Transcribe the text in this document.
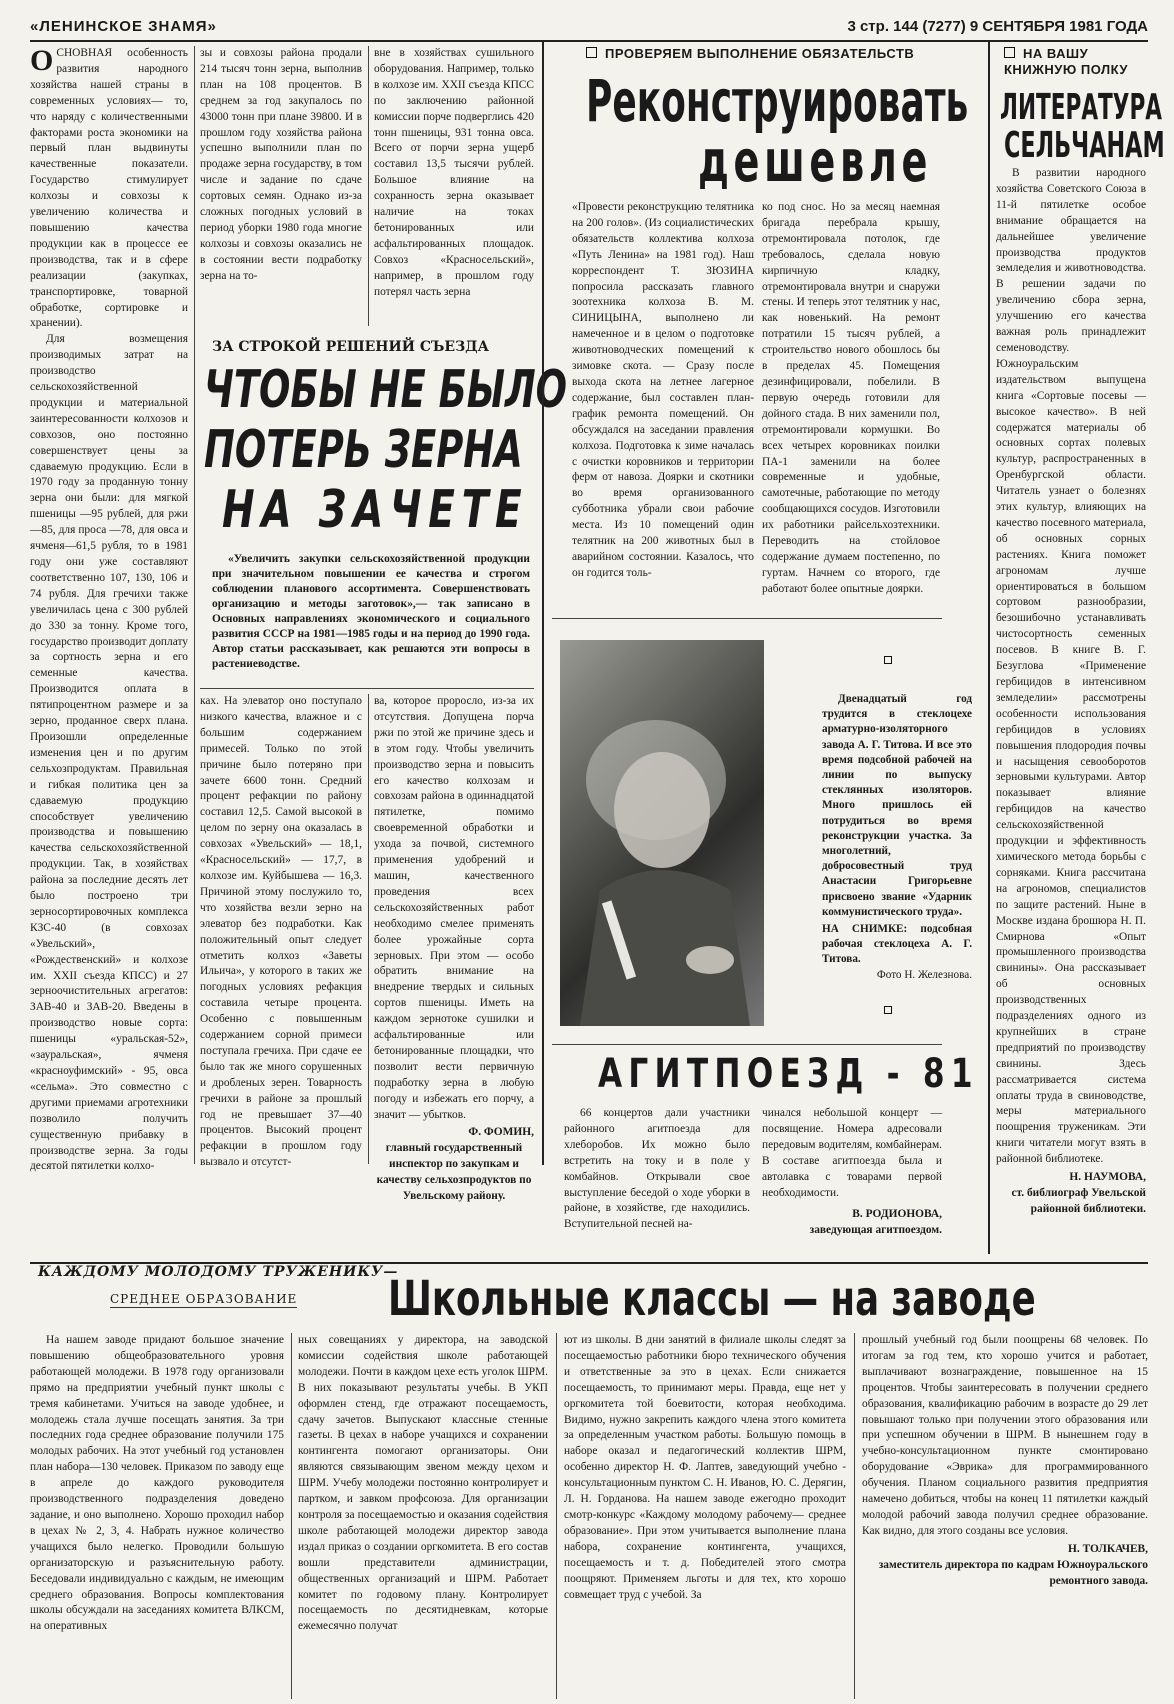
«ЛЕНИНСКОЕ ЗНАМЯ»	3 стр. 144 (7277) 9 СЕНТЯБРЯ 1981 ГОДА

ОСНОВНАЯ особенность развития народного хозяйства нашей страны в современных условиях— то, что наряду с количественными факторами роста экономики на первый план выдвинуты качественные показатели. Государство стимулирует колхозы и совхозы к увеличению количества и повышению качества продукции как в процессе ее производства, так и в сфере реализации (закупках, транспортировке, товарной обработке, сортировке и хранении).

Для возмещения производимых затрат на производство сельскохозяйственной продукции и материальной заинтересованности колхозов и совхозов, оно постоянно совершенствует цены за сдаваемую продукцию. Если в 1970 году за проданную тонну зерна они были: для мягкой пшеницы —95 рублей, для ржи —85, для проса —78, для овса и ячменя—61,5 рубля, то в 1981 году они уже составляют соответственно 107, 130, 106 и 74 рубля. Для гречихи также увеличилась цена с 300 рублей до 330 за тонну. Кроме того, государство производит доплату за сортность зерна и его семенные качества. Производится оплата в пятипроцентном размере и за зерно, проданное сверх плана. Произошли определенные изменения цен и по другим сельхозпродуктам. Правильная и гибкая политика цен за сдаваемую продукцию способствует увеличению производства и повышению качества сельскохозяйственной продукции. Так, в хозяйствах района за последние десять лет было построено три зерносортировочных комплекса КЗС-40 (в совхозах «Увельский», «Рождественский» и колхозе им. XXII съезда КПСС) и 27 зерноочистительных агрегатов: ЗАВ-40 и ЗАВ-20. Введены в производство новые сорта: пшеницы «уральская-52», «зауральская», ячменя «красноуфимский» - 95, овса «сельма». Это совместно с другими приемами агротехники позволило получить существенную прибавку в производстве зерна. За годы десятой пятилетки колхо-

зы и совхозы района продали 214 тысяч тонн зерна, выполнив план на 108 процентов. В среднем за год закупалось по 43000 тонн при плане 39800. И в прошлом году хозяйства района успешно выполнили план по продаже зерна государству, в том числе и задание по сдаче сортовых семян. Однако из-за сложных погодных условий в период уборки 1980 года многие колхозы и совхозы оказались не в состоянии вести подработку зерна на то-

вне в хозяйствах сушильного оборудования. Например, только в колхозе им. XXII съезда КПСС по заключению районной комиссии порче подверглись 420 тонн пшеницы, 931 тонна овса. Всего от порчи зерна ущерб составил 13,5 тысячи рублей. Большое влияние на сохранность зерна оказывает наличие на токах бетонированных или асфальтированных площадок. Совхоз «Красносельский», например, в прошлом году потерял часть зерна

ЗА СТРОКОЙ РЕШЕНИЙ СЪЕЗДА
ЧТОБЫ НЕ БЫЛО
ПОТЕРЬ ЗЕРНА
НА ЗАЧЕТЕ

«Увеличить закупки сельскохозяйственной продукции при значительном повышении ее качества и строгом соблюдении планового ассортимента. Совершенствовать организацию и методы заготовок»,— так записано в Основных направлениях экономического и социального развития СССР на 1981—1985 годы и на период до 1990 года. Автор статьи рассказывает, как решаются эти вопросы в растениеводстве.

ках. На элеватор оно поступало низкого качества, влажное и с большим содержанием примесей. Только по этой причине было потеряно при зачете 6600 тонн. Средний процент рефакции по району составил 12,5. Самой высокой в целом по зерну она оказалась в совхозах «Увельский» — 18,1, «Красносельский» — 17,7, в колхозе им. Куйбышева — 16,3. Причиной этому послужило то, что хозяйства везли зерно на элеватор без подработки. Как положительный опыт следует отметить колхоз «Заветы Ильича», у которого в таких же погодных условиях рефакция составила четыре процента. Особенно с повышенным содержанием сорной примеси поступала гречиха. При сдаче ее было так же много сорушенных и дробленых зерен. Товарность гречихи в районе за прошлый год не превышает 37—40 процентов. Высокий процент рефакции в прошлом году вызвало и отсутст-

ва, которое проросло, из-за их отсутствия. Допущена порча ржи по этой же причине здесь и в этом году. Чтобы увеличить производство зерна и повысить его качество колхозам и совхозам района в одиннадцатой пятилетке, помимо своевременной обработки и ухода за почвой, системного применения удобрений и машин, качественного проведения всех сельскохозяйственных работ необходимо смелее применять более урожайные сорта зерновых. При этом — особо обратить внимание на внедрение твердых и сильных сортов пшеницы. Иметь на каждом зернотоке сушилки и асфальтированные или бетонированные площадки, что позволит вести первичную подработку зерна в любую погоду и избежать его порчу, а значит — убытков.

Ф. ФОМИН,
главный государственный инспектор по закупкам и качеству сельхозпродуктов по Увельскому району.
ПРОВЕРЯЕМ ВЫПОЛНЕНИЕ ОБЯЗАТЕЛЬСТВ
Реконструировать
дешевле

«Провести реконструкцию телятника на 200 голов». (Из социалистических обязательств коллектива колхоза «Путь Ленина» на 1981 год). Наш корреспондент Т. ЗЮЗИНА попросила рассказать главного зоотехника колхоза В. М. СИНИЦЫНА, выполнено ли намеченное и в целом о подготовке животноводческих помещений к зимовке скота. — Сразу после выхода скота на летнее лагерное содержание, был составлен план-график ремонта помещений. Он обсуждался на заседании правления колхоза. Подготовка к зиме началась с очистки коровников и территории ферм от навоза. Доярки и скотники во время организованного субботника убрали свои рабочие места. Из 10 помещений один телятник на 200 животных был в аварийном состоянии. Казалось, что он годится толь-

ко под снос. Но за месяц наемная бригада перебрала крышу, отремонтировала потолок, где требовалось, сделала новую кирпичную кладку, отремонтировала внутри и снаружи стены. И теперь этот телятник у нас, как новенький. На ремонт потратили 15 тысяч рублей, а строительство нового обошлось бы в пределах 45. Помещения дезинфицировали, побелили. В первую очередь готовили для дойного стада. В них заменили пол, отремонтировали кормушки. Во всех четырех коровниках поилки ПА-1 заменили на более современные и удобные, самотечные, работающие по методу сообщающихся сосудов. Изготовили их работники райсельхозтехники. Переводить на стойловое содержание думаем постепенно, по гуртам. Начнем со второго, где работают более опытные доярки.

Двенадцатый год трудится в стеклоцехе арматурно-изоляторного завода А. Г. Титова. И все это время подсобной рабочей на линии по выпуску стеклянных изоляторов. Много пришлось ей потрудиться во время реконструкции участка. За многолетний, добросовестный труд Анастасии Григорьевне присвоено звание «Ударник коммунистического труда».

НА СНИМКЕ: подсобная рабочая стеклоцеха А. Г. Титова.

Фото Н. Железнова.

АГИТПОЕЗД - 81

66 концертов дали участники районного агитпоезда для хлеборобов. Их можно было встретить на току и в поле у комбайнов. Открывали свое выступление беседой о ходе уборки в районе, в хозяйстве, где находились. Вступительной песней на-

чинался небольшой концерт — посвящение. Номера адресовали передовым водителям, комбайнерам. В составе агитпоезда была и автолавка с товарами первой необходимости.

В. РОДИОНОВА,
заведующая агитпоездом.
НА ВАШУ
КНИЖНУЮ ПОЛКУ
ЛИТЕРАТУРА
СЕЛЬЧАНАМ

В развитии народного хозяйства Советского Союза в 11-й пятилетке особое внимание обращается на дальнейшее увеличение производства продуктов земледелия и животноводства. В решении задачи по увеличению сбора зерна, улучшению его качества важная роль принадлежит семеноводству. Южноуральским издательством выпущена книга «Сортовые посевы — высокое качество». В ней содержатся материалы об основных сортах полевых культур, распространенных в Оренбургской области. Читатель узнает о болезнях этих культур, влияющих на качество посевного материала, об основных сорных растениях. Книга поможет агрономам лучше ориентироваться в большом сортовом разнообразии, безошибочно устанавливать чистосортность семенных посевов. В книге В. Г. Безуглова «Применение гербицидов в интенсивном земледелии» рассмотрены особенности использования гербицидов в условиях повышения плодородия почвы и насыщения севооборотов зерновыми культурами. Автор показывает влияние гербицидов на качество сельскохозяйственной продукции и эффективность химического метода борьбы с сорняками. Книга рассчитана на агрономов, специалистов по защите растений. Ныне в Москве издана брошюра Н. П. Смирнова «Опыт промышленного производства свинины». Она рассказывает об основных производственных подразделениях одного из крупнейших в стране предприятий по производству свинины. Здесь рассматривается система оплаты труда в свиноводстве, меры материального поощрения труженикам. Эти книги читатели могут взять в районной библиотеке.

Н. НАУМОВА,
ст. библиограф Увельской районной библиотеки.
КАЖДОМУ МОЛОДОМУ ТРУЖЕНИКУ—
СРЕДНЕЕ ОБРАЗОВАНИЕ Школьные классы — на заводе

На нашем заводе придают большое значение повышению общеобразовательного уровня работающей молодежи. В 1978 году организовали прямо на предприятии учебный пункт школы с тремя кабинетами. Учиться на заводе удобнее, и молодежь стала лучше посещать занятия. За три последних года среднее образование получили 175 молодых рабочих. На этот учебный год установлен план набора—130 человек. Приказом по заводу еще в апреле до каждого руководителя производственного подразделения доведено задание, и оно выполнено. Хорошо проходил набор в цехах № 2, 3, 4. Набрать нужное количество учащихся было нелегко. Проводили большую организаторскую и разъяснительную работу. Беседовали индивидуально с каждым, не имеющим среднего образования. Вопросы комплектования школы обсуждали на заседаниях комитета ВЛКСМ, на оперативных

ных совещаниях у директора, на заводской комиссии содействия школе работающей молодежи. Почти в каждом цехе есть уголок ШРМ. В них показывают результаты учебы. В УКП оформлен стенд, где отражают посещаемость, сдачу зачетов. Выпускают классные стенные газеты. В цехах в наборе учащихся и сохранении контингента помогают организаторы. Они являются связывающим звеном между цехом и ШРМ. Учебу молодежи постоянно контролирует и партком, и завком профсоюза. Для организации контроля за посещаемостью и оказания содействия школе работающей молодежи директор завода издал приказ о создании оргкомитета. В его состав вошли представители администрации, общественных организаций и ШРМ. Работает комитет по годовому плану. Контролирует посещаемость по десятидневкам, которые ежемесячно получат

ют из школы. В дни занятий в филиале школы следят за посещаемостью работники бюро технического обучения и ответственные за это в цехах. Если снижается посещаемость, то принимают меры. Правда, еще нет у оргкомитета той боевитости, которая необходима. Видимо, нужно закрепить каждого члена этого комитета за определенным участком работы. Большую помощь в наборе оказал и педагогический коллектив ШРМ, особенно директор Н. Ф. Лаптев, заведующий учебно - консультационным пунктом С. Н. Иванов, Ю. С. Дерягин, Л. Н. Горданова. На нашем заводе ежегодно проходит смотр-конкурс «Каждому молодому рабочему— среднее образование». При этом учитывается выполнение плана набора, сохранение контингента, учащихся, посещаемость и т. д. Победителей этого смотра поощряют. Применяем льготы и для тех, кто хорошо совмещает труд с учебой. За

прошлый учебный год были поощрены 68 человек. По итогам за год тем, кто хорошо учится и работает, выплачивают вознаграждение, повышенное на 15 процентов. Чтобы заинтересовать в получении среднего образования, квалификацию рабочим в возрасте до 29 лет повышают только при получении этого образования или при успешном обучении в ШРМ. В нынешнем году в учебно-консультационном пункте смонтировано оборудование «Эврика» для программированного обучения. Планом социального развития предприятия намечено добиться, чтобы на конец 11 пятилетки каждый молодой рабочий завода получил среднее образование. Как видно, для этого созданы все условия.

Н. ТОЛКАЧЕВ,
заместитель директора по кадрам Южноуральского ремонтного завода.
